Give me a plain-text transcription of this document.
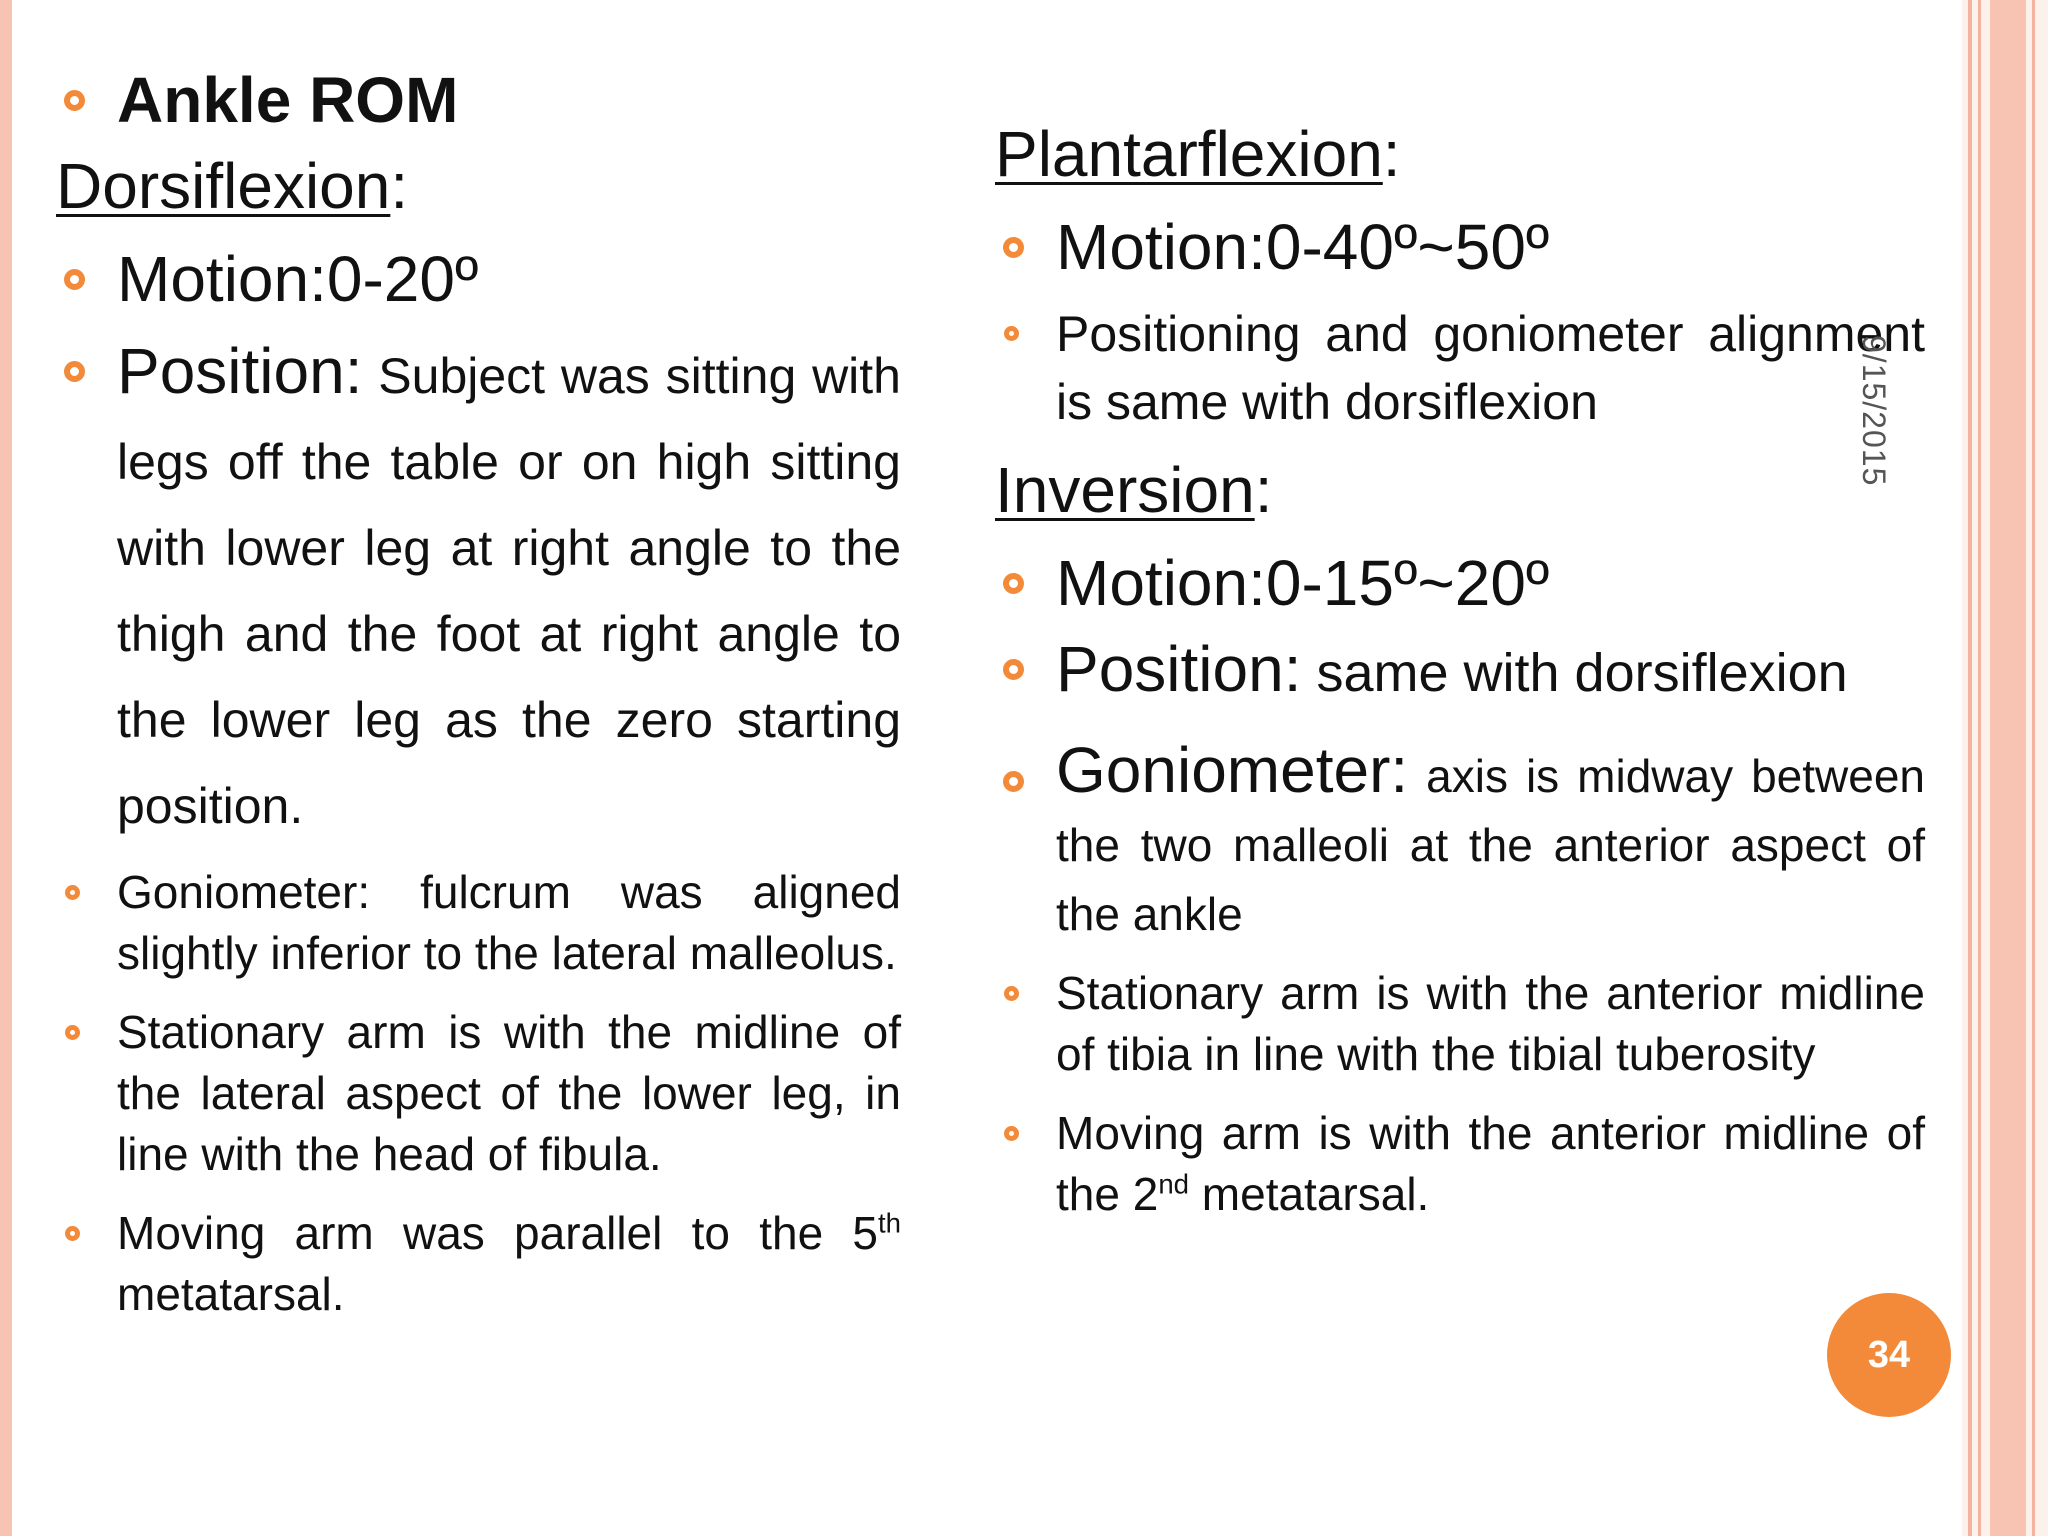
Ankle ROM
Dorsiflexion:
Motion:0-20º
Position: Subject was sitting with legs off the table or on high sitting with lower leg at right angle to the thigh and the foot at right angle to the lower leg as the zero starting position.
Goniometer: fulcrum was aligned slightly inferior to the lateral malleolus.
Stationary arm is with the midline of the lateral aspect of the lower leg, in line with the head of fibula.
Moving arm was parallel to the 5th metatarsal.
Plantarflexion:
Motion:0-40º~50º
Positioning and goniometer alignment is same with dorsiflexion
Inversion:
Motion:0-15º~20º
Position: same with dorsiflexion
Goniometer: axis is midway between the two malleoli at the anterior aspect of the ankle
Stationary arm is with the anterior midline of tibia in line with the tibial tuberosity
Moving arm is with the anterior midline of the 2nd metatarsal.
9/15/2015
34
